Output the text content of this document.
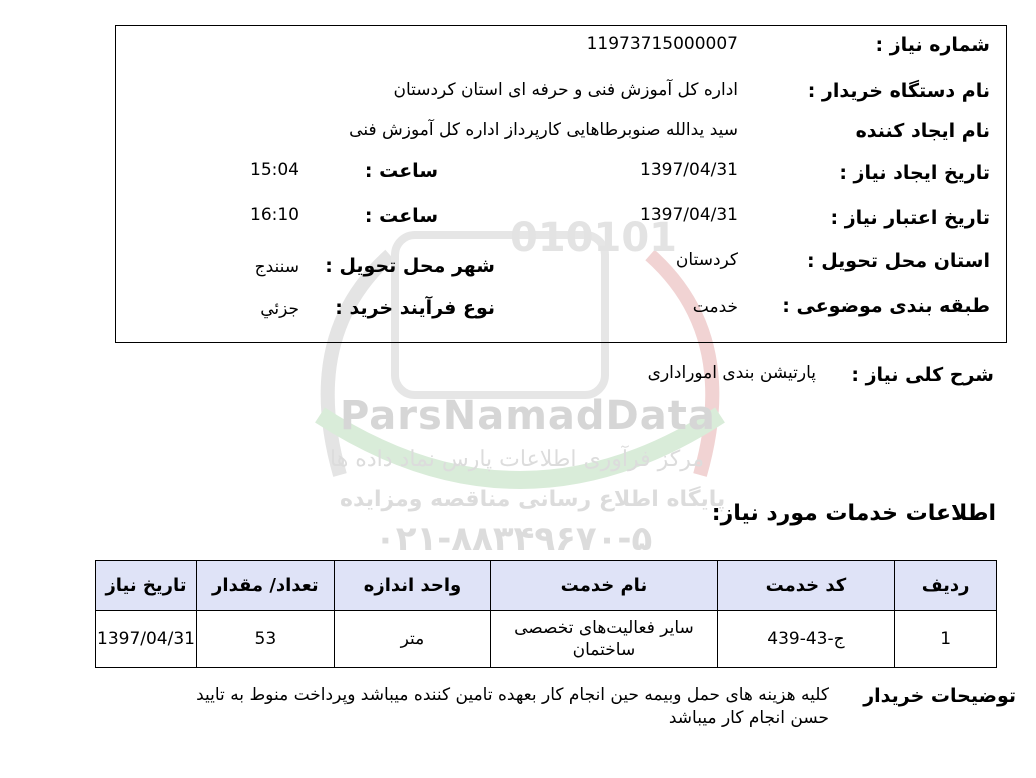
010101
ParsNamadData
مرکز فرآوری اطلاعات پارس نماد داده ها
پایگاه اطلاع رسانی مناقصه ومزایده
۰۲۱-۸۸۳۴۹۶۷۰-۵
شماره نیاز :
11973715000007
نام دستگاه خریدار :
اداره کل آموزش فنی و حرفه ای استان کردستان
نام ایجاد کننده
سید یدالله صنوبرطاهایی کارپرداز اداره کل آموزش فنی
تاریخ ایجاد نیاز :
1397/04/31
ساعت :
15:04
تاریخ اعتبار نیاز :
1397/04/31
ساعت :
16:10
استان محل تحویل :
کردستان
شهر محل تحویل :
سنندج
طبقه بندی موضوعی :
خدمت
نوع فرآیند خرید :
جزئي
شرح کلی نیاز :
پارتیشن بندی اموراداری
اطلاعات خدمات مورد نیاز:
ردیف	کد خدمت	نام خدمت	واحد اندازه	تعداد/ مقدار	تاریخ نیاز
1	ج-43-439	سایر فعالیت‌های تخصصی ساختمان	متر	53	1397/04/31
توضیحات خریدار
کلیه هزینه های حمل وبیمه حین انجام کار بعهده تامین کننده میباشد وپرداخت منوط به تایید
حسن انجام کار میباشد
